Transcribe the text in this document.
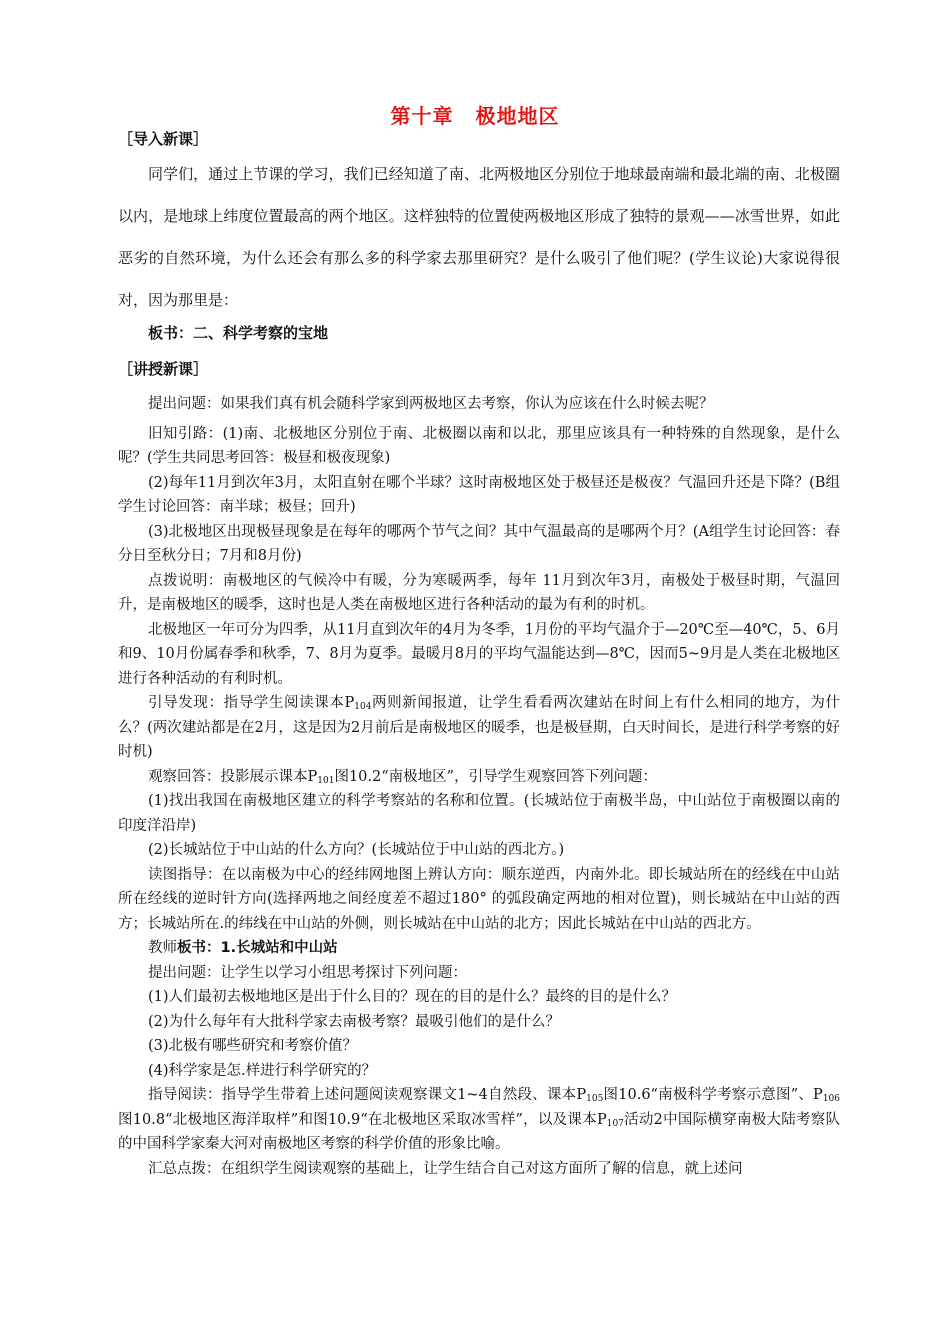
第十章 极地地区
［导入新课］
同学们，通过上节课的学习，我们已经知道了南、北两极地区分别位于地球最南端和最北端的南、北极圈以内，是地球上纬度位置最高的两个地区。这样独特的位置使两极地区形成了独特的景观——冰雪世界，如此恶劣的自然环境，为什么还会有那么多的科学家去那里研究？是什么吸引了他们呢？(学生议论)大家说得很对，因为那里是：
板书：二、科学考察的宝地
［讲授新课］

提出问题：如果我们真有机会随科学家到两极地区去考察，你认为应该在什么时候去呢？

旧知引路：(1)南、北极地区分别位于南、北极圈以南和以北，那里应该具有一种特殊的自然现象，是什么呢？(学生共同思考回答：极昼和极夜现象)

(2)每年11月到次年3月，太阳直射在哪个半球？这时南极地区处于极昼还是极夜？气温回升还是下降？(B组学生讨论回答：南半球；极昼；回升)

(3)北极地区出现极昼现象是在每年的哪两个节气之间？其中气温最高的是哪两个月？(A组学生讨论回答：春分日至秋分日；7月和8月份)

点拨说明：南极地区的气候冷中有暖，分为寒暖两季，每年 11月到次年3月，南极处于极昼时期，气温回升，是南极地区的暖季，这时也是人类在南极地区进行各种活动的最为有利的时机。

北极地区一年可分为四季，从11月直到次年的4月为冬季，1月份的平均气温介于—20℃至—40℃，5、6月和9、10月份属春季和秋季，7、8月为夏季。最暖月8月的平均气温能达到—8℃，因而5~9月是人类在北极地区进行各种活动的有利时机。

引导发现：指导学生阅读课本$P_{104}$两则新闻报道，让学生看看两次建站在时间上有什么相同的地方，为什么？(两次建站都是在2月，这是因为2月前后是南极地区的暖季，也是极昼期，白天时间长，是进行科学考察的好时机)

观察回答：投影展示课本$P_{101}$图10.2“南极地区”，引导学生观察回答下列问题：

(1)找出我国在南极地区建立的科学考察站的名称和位置。(长城站位于南极半岛，中山站位于南极圈以南的印度洋沿岸)

(2)长城站位于中山站的什么方向？(长城站位于中山站的西北方。)

读图指导：在以南极为中心的经纬网地图上辨认方向：顺东逆西，内南外北。即长城站所在的经线在中山站所在经线的逆时针方向(选择两地之间经度差不超过180° 的弧段确定两地的相对位置)，则长城站在中山站的西方；长城站所在.的纬线在中山站的外侧，则长城站在中山站的北方；因此长城站在中山站的西北方。

教师板书：1.长城站和中山站

提出问题：让学生以学习小组思考探讨下列问题：

(1)人们最初去极地地区是出于什么目的？现在的目的是什么？最终的目的是什么？

(2)为什么每年有大批科学家去南极考察？最吸引他们的是什么？

(3)北极有哪些研究和考察价值？

(4)科学家是怎.样进行科学研究的？

指导阅读：指导学生带着上述问题阅读观察课文1~4自然段、课本$P_{105}$图10.6“南极科学考察示意图”、$P_{106}$图10.8“北极地区海洋取样”和图10.9“在北极地区采取冰雪样”，以及课本$P_{107}$活动2中国际横穿南极大陆考察队的中国科学家秦大河对南极地区考察的科学价值的形象比喻。

汇总点拨：在组织学生阅读观察的基础上，让学生结合自己对这方面所了解的信息，就上述问
